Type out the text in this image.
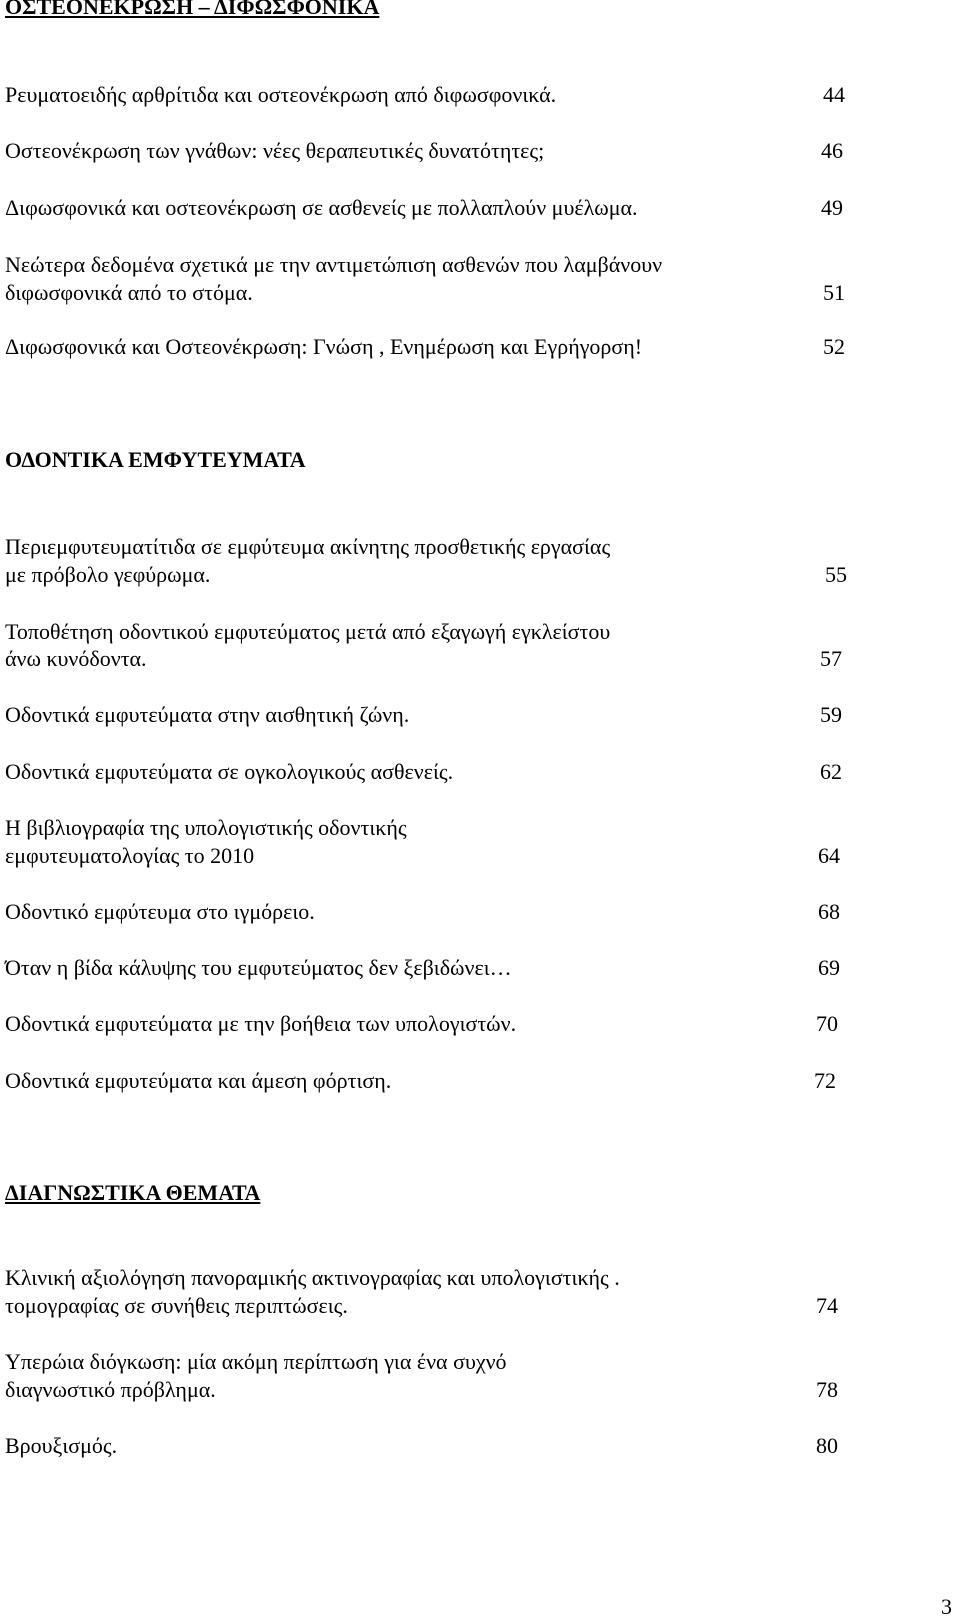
ΟΣΤΕΟΝΕΚΡΩΣΗ – ΔΙΦΩΣΦΟΝΙΚΑ
Ρευματοειδής αρθρίτιδα και οστεονέκρωση από διφωσφονικά.	44
Οστεονέκρωση των γνάθων: νέες θεραπευτικές δυνατότητες;	46
Διφωσφονικά και οστεονέκρωση σε ασθενείς με πολλαπλούν μυέλωμα.	49
Νεώτερα δεδομένα σχετικά με την αντιμετώπιση ασθενών που λαμβάνουν
διφωσφονικά από το στόμα.	51
Διφωσφονικά και Οστεονέκρωση: Γνώση , Ενημέρωση και Εγρήγορση!	52
ΟΔΟΝΤΙΚΑ ΕΜΦΥΤΕΥΜΑΤΑ
Περιεμφυτευματίτιδα σε εμφύτευμα ακίνητης προσθετικής εργασίας
με πρόβολο γεφύρωμα.	55
Τοποθέτηση οδοντικού εμφυτεύματος μετά από εξαγωγή εγκλείστου
άνω κυνόδοντα.	57
Οδοντικά εμφυτεύματα στην αισθητική ζώνη.	59
Οδοντικά εμφυτεύματα σε ογκολογικούς ασθενείς.	62
Η βιβλιογραφία της υπολογιστικής οδοντικής
εμφυτευματολογίας το 2010	64
Οδοντικό εμφύτευμα στο ιγμόρειο.	68
Όταν η βίδα κάλυψης του εμφυτεύματος δεν ξεβιδώνει…	69
Οδοντικά εμφυτεύματα με την βοήθεια των υπολογιστών.	70
Οδοντικά εμφυτεύματα και άμεση φόρτιση.	72
ΔΙΑΓΝΩΣΤΙΚΑ ΘΕΜΑΤΑ
Κλινική αξιολόγηση πανοραμικής ακτινογραφίας και υπολογιστικής .
τομογραφίας σε συνήθεις περιπτώσεις.	74
Υπερώια διόγκωση: μία ακόμη περίπτωση για ένα συχνό
διαγνωστικό πρόβλημα.	78
Βρουξισμός.	80
3
